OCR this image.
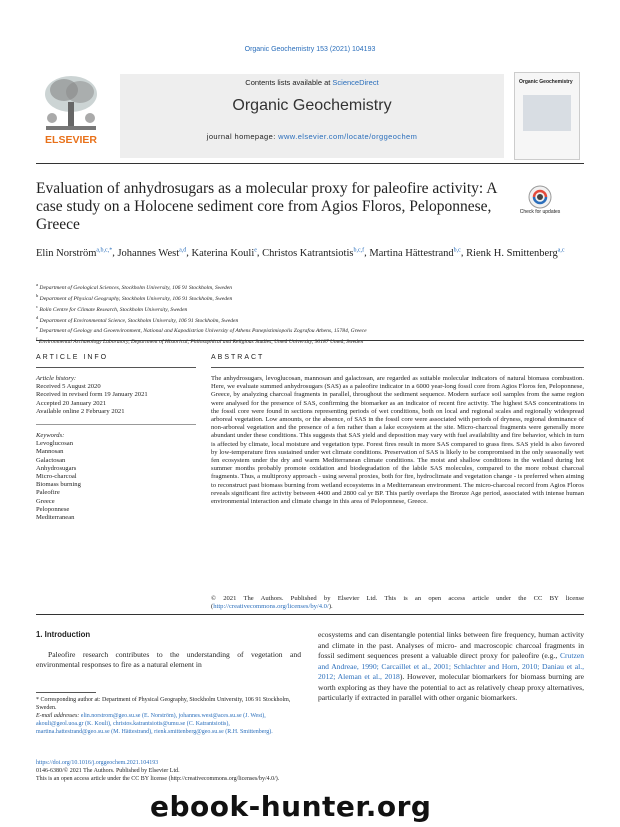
Organic Geochemistry 153 (2021) 104193
ELSEVIER
Contents lists available at ScienceDirect
Organic Geochemistry
journal homepage: www.elsevier.com/locate/orggeochem
Organic Geochemistry
Evaluation of anhydrosugars as a molecular proxy for paleofire activity: A case study on a Holocene sediment core from Agios Floros, Peloponnese, Greece
Check for updates
Elin Norström$^{a,b,c,*}$, Johannes West$^{a,d}$, Katerina Kouli$^e$, Christos Katrantsiotis$^{b,c,f}$, Martina Hättestrand$^{b,c}$, Rienk H. Smittenberg$^{a,c}$
$^a$ Department of Geological Sciences, Stockholm University, 106 91 Stockholm, Sweden
$^b$ Department of Physical Geography, Stockholm University, 106 91 Stockholm, Sweden
$^c$ Bolin Centre for Climate Research, Stockholm University, Sweden
$^d$ Department of Environmental Science, Stockholm University, 106 91 Stockholm, Sweden
$^e$ Department of Geology and Geoenvironment, National and Kapodistrian University of Athens Panepistimiopolis Zografou Athens, 15784, Greece
$^f$ Environmental Archaeology Laboratory, Department of Historical, Philosophical and Religious Studies, Umeå University, 90187 Umeå, Sweden
ARTICLE INFO	ABSTRACT
Article history:
Received 5 August 2020
Received in revised form 19 January 2021
Accepted 20 January 2021
Available online 2 February 2021
Keywords:
Levoglucosan
Mannosan
Galactosan
Anhydrosugars
Micro-charcoal
Biomass burning
Paleofire
Greece
Peloponnese
Mediterranean
The anhydrosugars, levoglucosan, mannosan and galactosan, are regarded as suitable molecular indicators of natural biomass combustion. Here, we evaluate summed anhydrosugars (SAS) as a paleofire indicator in a 6000 year-long fossil core from Agios Floros fen, Peloponnese, Greece, by analyzing charcoal fragments in parallel, throughout the sediment sequence. Modern surface soil samples from the same region were analysed for the presence of SAS, confirming the biomarker as an indicator of recent fire activity. The highest SAS concentrations in the fossil core were found in sections representing periods of wet conditions, both on local and regional scales and regionally widespread arboreal vegetation. Low amounts, or the absence, of SAS in the fossil core were associated with periods of dryness, regional dominance of non-arboreal vegetation and the presence of a fen rather than a lake ecosystem at the site. Micro-charcoal fragments were generally more abundant under these conditions. This suggests that SAS yield and deposition may vary with fuel availability and fire behavior, which in turn is affected by climate, local moisture and vegetation type. Forest fires result in more SAS compared to grass fires. SAS yield is also favored by low-temperature fires sustained under wet climate conditions. Preservation of SAS is likely to be compromised in the only seasonally wet fen ecosystem under the dry and warm Mediterranean climate conditions. The moist and shallow conditions in the wetland during hot summer months probably promote oxidation and biodegradation of the labile SAS molecules, compared to the more robust charcoal fragments. Thus, a multiproxy approach - using several proxies, both for fire, hydroclimate and vegetation change - is preferred when aiming to reconstruct past biomass burning from wetland ecosystems in a Mediterranean environment. The micro-charcoal record from Agios Floros reveals significant fire activity between 4400 and 2800 cal yr BP. This partly overlaps the Bronze Age period, associated with intense human environmental interaction and climate change in this area of Peloponnese, Greece.
© 2021 The Authors. Published by Elsevier Ltd. This is an open access article under the CC BY license (http://creativecommons.org/licenses/by/4.0/).
1. Introduction

Paleofire research contributes to the understanding of vegetation and environmental responses to fire as a natural element in

ecosystems and can disentangle potential links between fire frequency, human activity and climate in the past. Analyses of micro- and macroscopic charcoal fragments in fossil sediment sequences present a valuable direct proxy for paleofire (e.g., Crutzen and Andreae, 1990; Carcaillet et al., 2001; Schlachter and Horn, 2010; Daniau et al., 2012; Aleman et al., 2018). However, molecular biomarkers for biomass burning are worth exploring as they have the potential to act as relatively cheap proxy alternatives, particularly if extracted in parallel with other organic biomarkers.

* Corresponding author at: Department of Physical Geography, Stockholm University, 106 91 Stockholm, Sweden.
E-mail addresses: elin.norstrom@geo.su.se (E. Norström), johannes.west@aces.su.se (J. West), akouli@geol.uoa.gr (K. Kouli), christos.katrantsiotis@umu.se (C. Katrantsiotis), martina.hattestrand@geo.su.se (M. Hättestrand), rienk.smittenberg@geo.su.se (R.H. Smittenberg).
https://doi.org/10.1016/j.orggeochem.2021.104193
0146-6380/© 2021 The Authors. Published by Elsevier Ltd.
This is an open access article under the CC BY license (http://creativecommons.org/licenses/by/4.0/).
ebook-hunter.org
